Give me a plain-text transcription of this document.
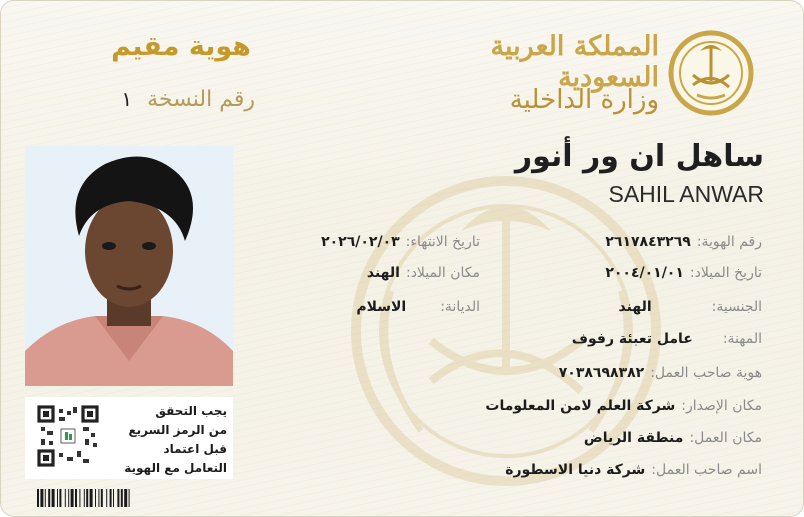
المملكة العربية السعودية
وزارة الداخلية
هوية مقيم
رقم النسخة ١
ساهل ان ور أنور
SAHIL ANWAR
رقم الهوية:٢٦١٧٨٤٣٢٦٩
تاريخ الميلاد:٢٠٠٤/٠١/٠١
الجنسية:الهند
المهنة:عامل تعبئة رفوف
هوية صاحب العمل:٧٠٣٨٦٩٨٣٨٢
مكان الإصدار:شركة العلم لامن المعلومات
مكان العمل:منطقة الرياض
اسم صاحب العمل:شركة دنيا الاسطورة
تاريخ الانتهاء:٢٠٢٦/٠٢/٠٣
مكان الميلاد:الهند
الديانة:الاسلام
يجب التحقق
من الرمز السريع
قبل اعتماد
التعامل مع الهوية
